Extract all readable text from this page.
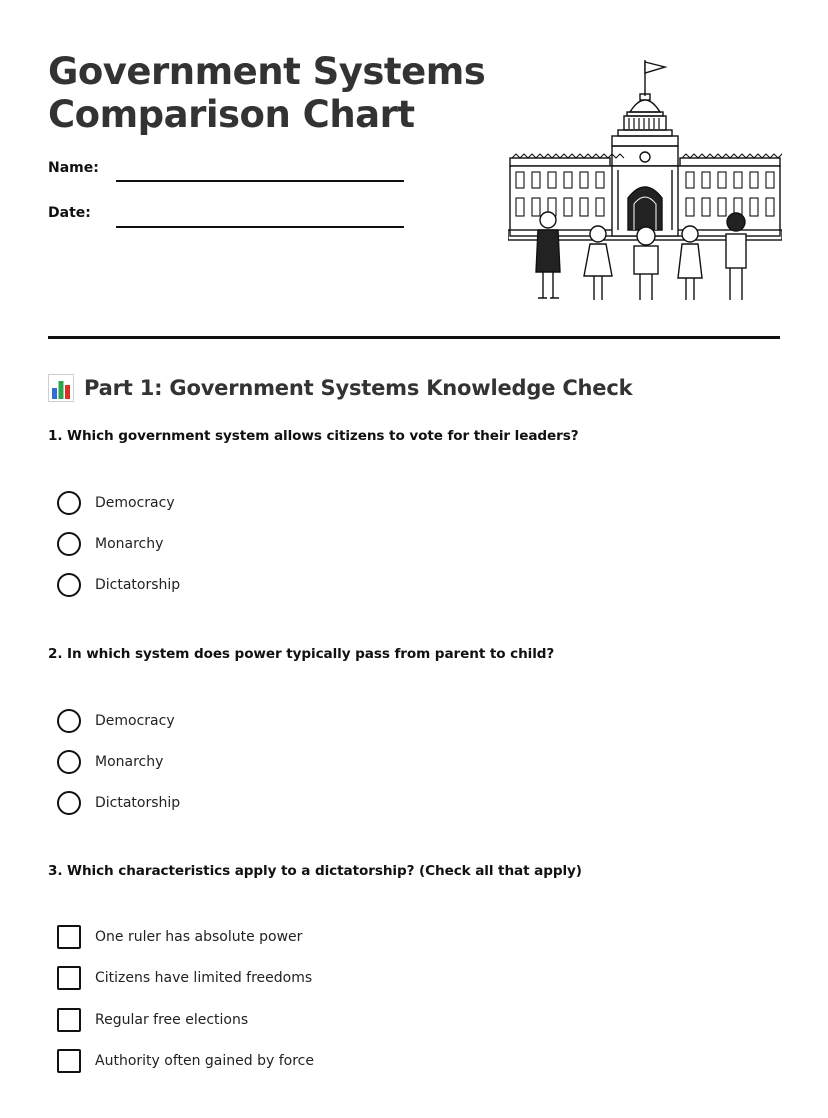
Government Systems
Comparison Chart
Name:
Date:
Part 1: Government Systems Knowledge Check
1. Which government system allows citizens to vote for their leaders?
Democracy
Monarchy
Dictatorship
2. In which system does power typically pass from parent to child?
Democracy
Monarchy
Dictatorship
3. Which characteristics apply to a dictatorship? (Check all that apply)
One ruler has absolute power
Citizens have limited freedoms
Regular free elections
Authority often gained by force
